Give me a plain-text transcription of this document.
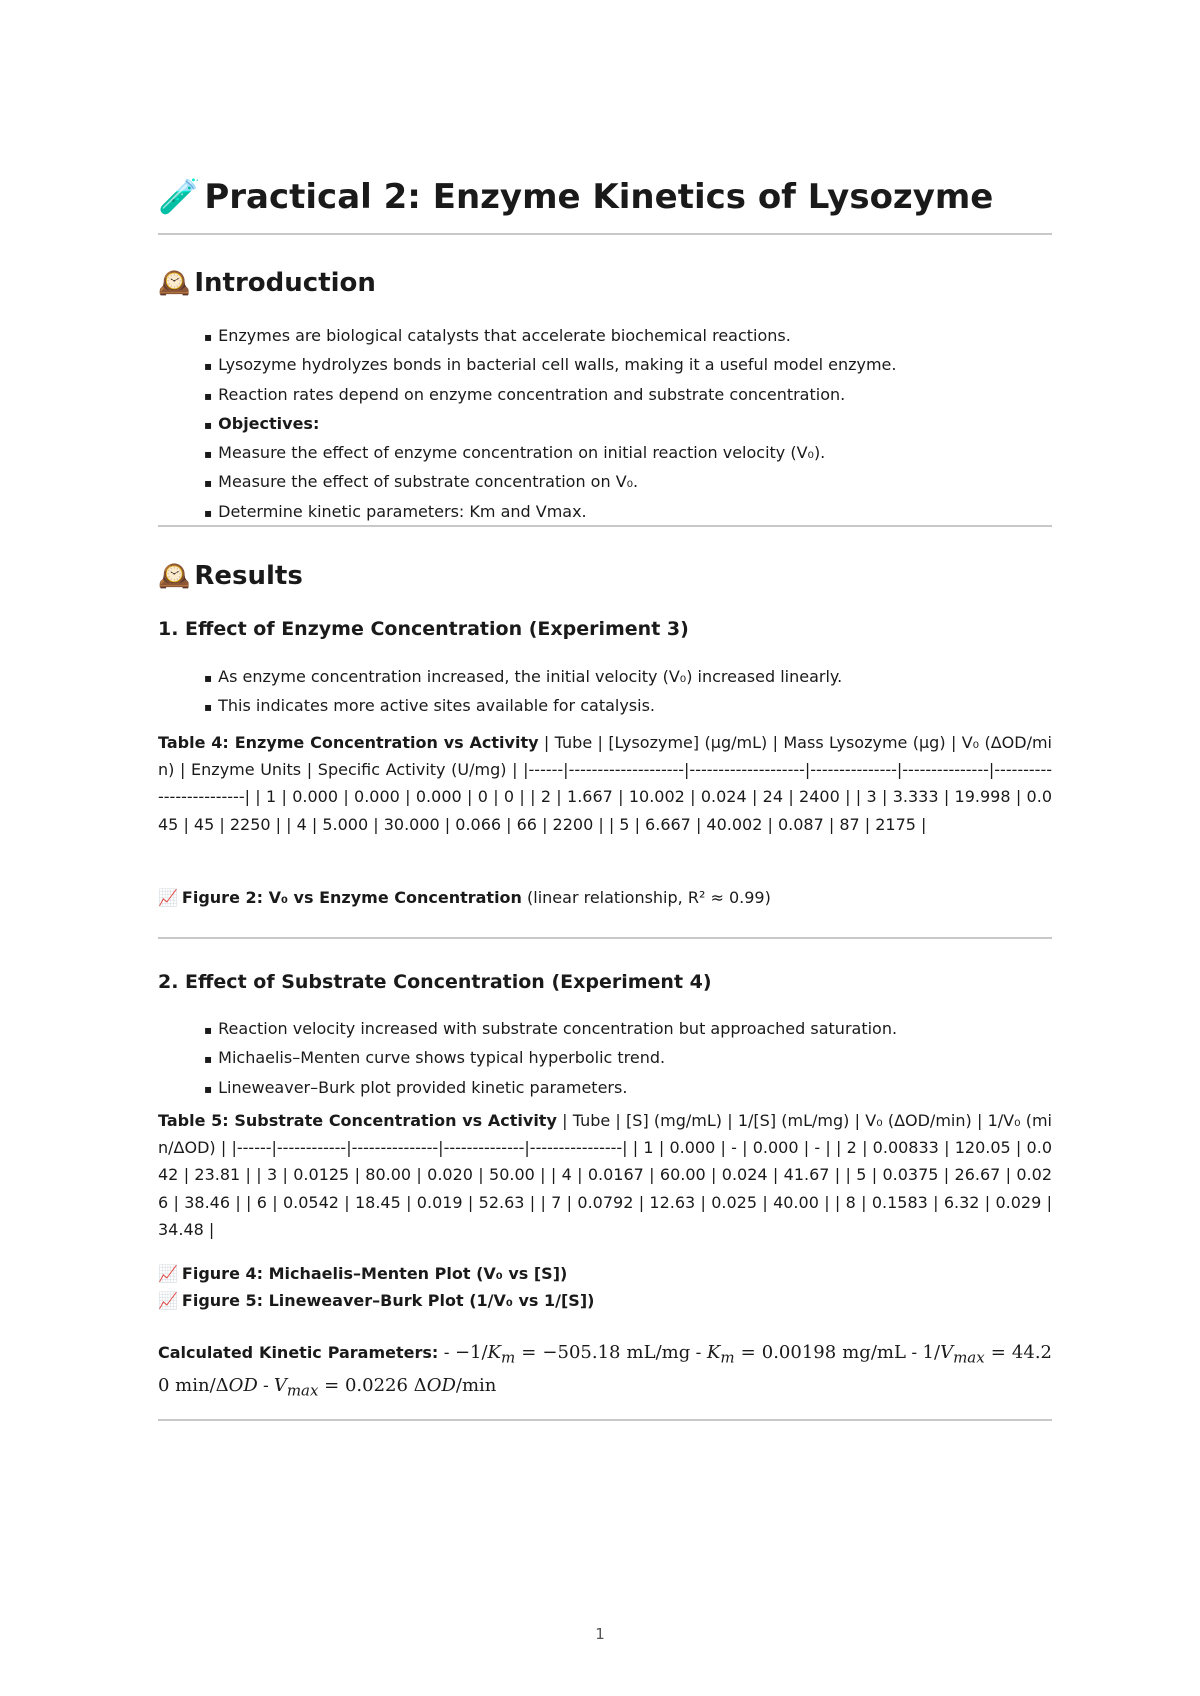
🧪 Practical 2: Enzyme Kinetics of Lysozyme
🕰️ Introduction
▪ Enzymes are biological catalysts that accelerate biochemical reactions.
▪ Lysozyme hydrolyzes bonds in bacterial cell walls, making it a useful model enzyme.
▪ Reaction rates depend on enzyme concentration and substrate concentration.
▪ Objectives:
▪ Measure the effect of enzyme concentration on initial reaction velocity (V₀).
▪ Measure the effect of substrate concentration on V₀.
▪ Determine kinetic parameters: Km and Vmax.
🕰️ Results
1. Effect of Enzyme Concentration (Experiment 3)
▪ As enzyme concentration increased, the initial velocity (V₀) increased linearly.
▪ This indicates more active sites available for catalysis.

Table 4: Enzyme Concentration vs Activity | Tube | [Lysozyme] (µg/mL) | Mass Lysozyme (µg) | V₀ (ΔOD/min) | Enzyme Units | Specific Activity (U/mg) | |------|--------------------|--------------------|---------------|---------------|-------------------------| | 1 | 0.000 | 0.000 | 0.000 | 0 | 0 | | 2 | 1.667 | 10.002 | 0.024 | 24 | 2400 | | 3 | 3.333 | 19.998 | 0.045 | 45 | 2250 | | 4 | 5.000 | 30.000 | 0.066 | 66 | 2200 | | 5 | 6.667 | 40.002 | 0.087 | 87 | 2175 |

📈 Figure 2: V₀ vs Enzyme Concentration (linear relationship, R² ≈ 0.99)

2. Effect of Substrate Concentration (Experiment 4)
▪ Reaction velocity increased with substrate concentration but approached saturation.
▪ Michaelis–Menten curve shows typical hyperbolic trend.
▪ Lineweaver–Burk plot provided kinetic parameters.

Table 5: Substrate Concentration vs Activity | Tube | [S] (mg/mL) | 1/[S] (mL/mg) | V₀ (ΔOD/min) | 1/V₀ (min/ΔOD) | |------|------------|---------------|--------------|----------------| | 1 | 0.000 | - | 0.000 | - | | 2 | 0.00833 | 120.05 | 0.042 | 23.81 | | 3 | 0.0125 | 80.00 | 0.020 | 50.00 | | 4 | 0.0167 | 60.00 | 0.024 | 41.67 | | 5 | 0.0375 | 26.67 | 0.026 | 38.46 | | 6 | 0.0542 | 18.45 | 0.019 | 52.63 | | 7 | 0.0792 | 12.63 | 0.025 | 40.00 | | 8 | 0.1583 | 6.32 | 0.029 | 34.48 |

📈 Figure 4: Michaelis–Menten Plot (V₀ vs [S])

📈 Figure 5: Lineweaver–Burk Plot (1/V₀ vs 1/[S])

Calculated Kinetic Parameters: - $-1/K_m = -505.18$ $mL/mg - K_m = 0.00198$ $mg/mL - 1/V_{max} = 44.20$ $\min/\Delta OD - V_{max} = 0.0226$ ΔOD/min

1
